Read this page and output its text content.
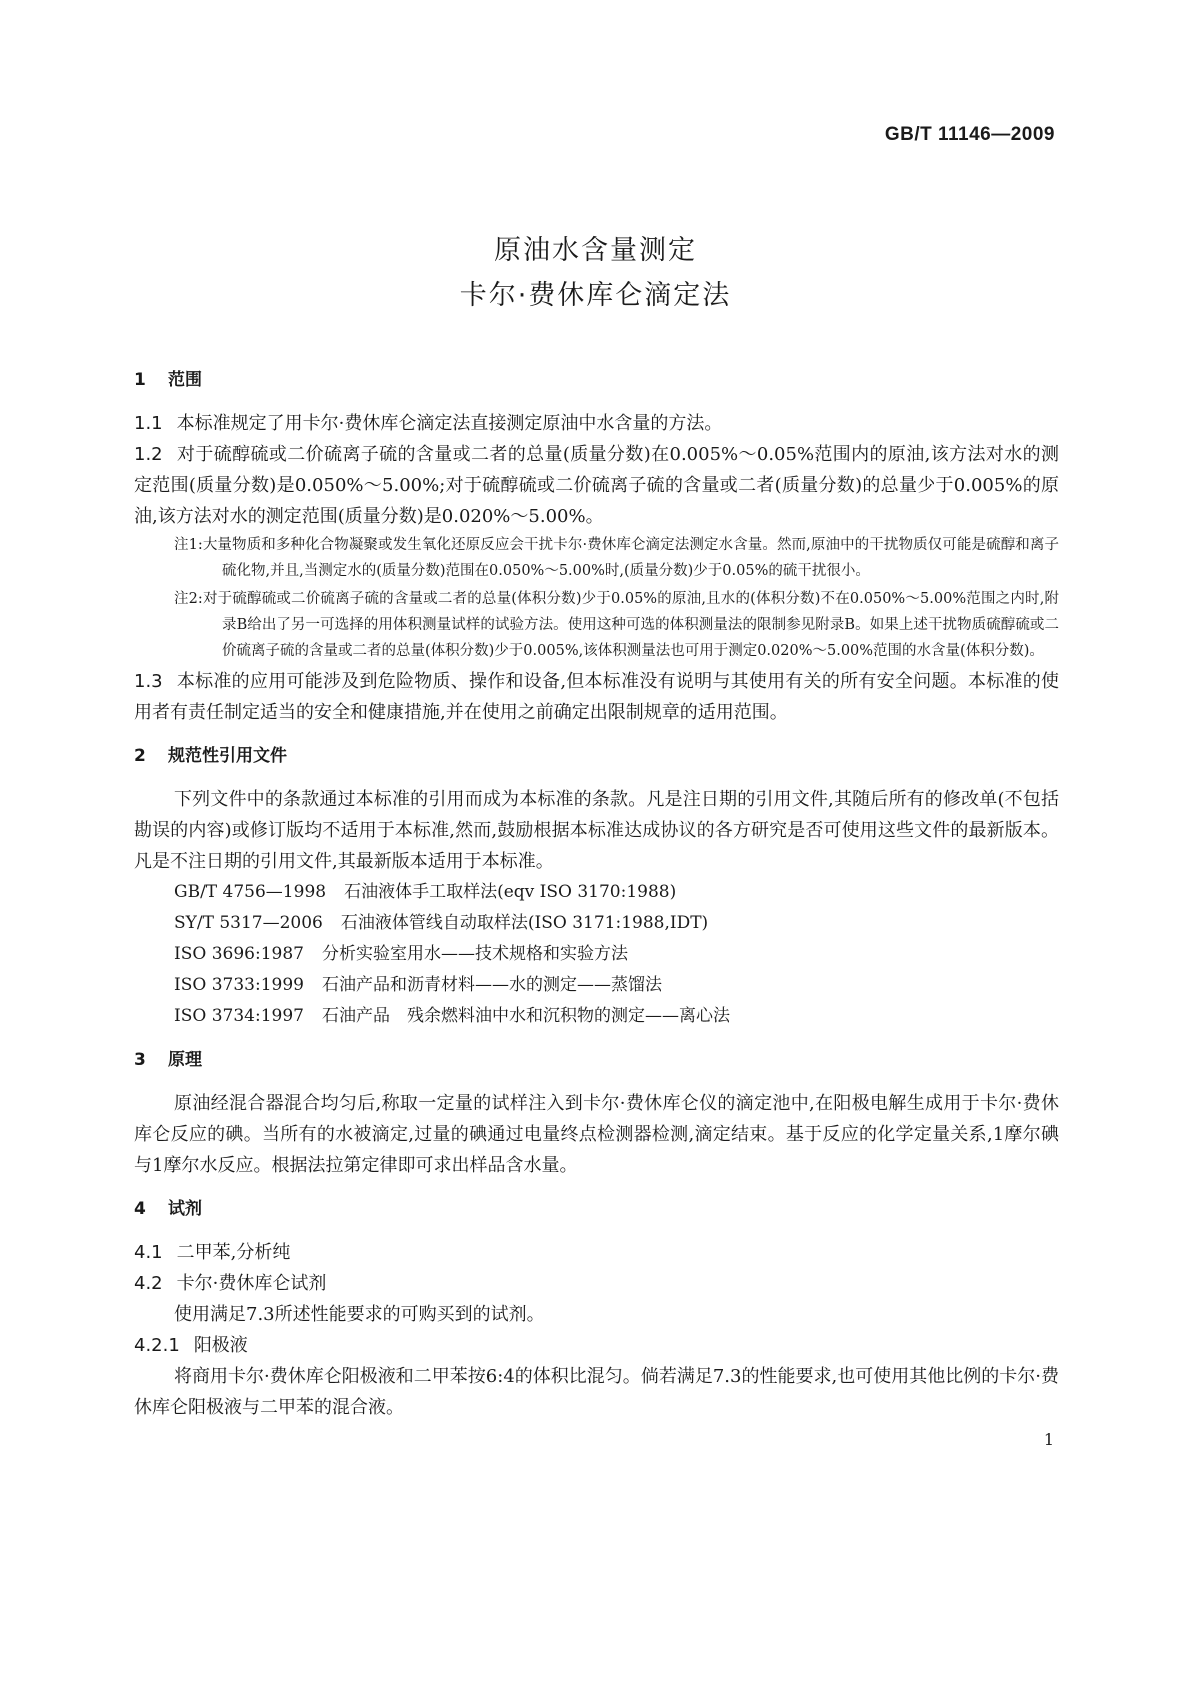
GB/T 11146—2009
原油水含量测定
卡尔·费休库仑滴定法
1 范围

1.1 本标准规定了用卡尔·费休库仑滴定法直接测定原油中水含量的方法。

1.2 对于硫醇硫或二价硫离子硫的含量或二者的总量(质量分数)在0.005%～0.05%范围内的原油,该方法对水的测定范围(质量分数)是0.050%～5.00%;对于硫醇硫或二价硫离子硫的含量或二者(质量分数)的总量少于0.005%的原油,该方法对水的测定范围(质量分数)是0.020%～5.00%。

注1:大量物质和多种化合物凝聚或发生氧化还原反应会干扰卡尔·费休库仑滴定法测定水含量。然而,原油中的干扰物质仅可能是硫醇和离子硫化物,并且,当测定水的(质量分数)范围在0.050%～5.00%时,(质量分数)少于0.05%的硫干扰很小。

注2:对于硫醇硫或二价硫离子硫的含量或二者的总量(体积分数)少于0.05%的原油,且水的(体积分数)不在0.050%～5.00%范围之内时,附录B给出了另一可选择的用体积测量试样的试验方法。使用这种可选的体积测量法的限制参见附录B。如果上述干扰物质硫醇硫或二价硫离子硫的含量或二者的总量(体积分数)少于0.005%,该体积测量法也可用于测定0.020%～5.00%范围的水含量(体积分数)。

1.3 本标准的应用可能涉及到危险物质、操作和设备,但本标准没有说明与其使用有关的所有安全问题。本标准的使用者有责任制定适当的安全和健康措施,并在使用之前确定出限制规章的适用范围。

2 规范性引用文件

下列文件中的条款通过本标准的引用而成为本标准的条款。凡是注日期的引用文件,其随后所有的修改单(不包括勘误的内容)或修订版均不适用于本标准,然而,鼓励根据本标准达成协议的各方研究是否可使用这些文件的最新版本。凡是不注日期的引用文件,其最新版本适用于本标准。

GB/T 4756—1998 石油液体手工取样法(eqv ISO 3170:1988)

SY/T 5317—2006 石油液体管线自动取样法(ISO 3171:1988,IDT)

ISO 3696:1987 分析实验室用水——技术规格和实验方法

ISO 3733:1999 石油产品和沥青材料——水的测定——蒸馏法

ISO 3734:1997 石油产品　残余燃料油中水和沉积物的测定——离心法

3 原理

原油经混合器混合均匀后,称取一定量的试样注入到卡尔·费休库仑仪的滴定池中,在阳极电解生成用于卡尔·费休库仑反应的碘。当所有的水被滴定,过量的碘通过电量终点检测器检测,滴定结束。基于反应的化学定量关系,1摩尔碘与1摩尔水反应。根据法拉第定律即可求出样品含水量。

4 试剂

4.1 二甲苯,分析纯

4.2 卡尔·费休库仑试剂

使用满足7.3所述性能要求的可购买到的试剂。

4.2.1 阳极液

将商用卡尔·费休库仑阳极液和二甲苯按6:4的体积比混匀。倘若满足7.3的性能要求,也可使用其他比例的卡尔·费休库仑阳极液与二甲苯的混合液。

1
